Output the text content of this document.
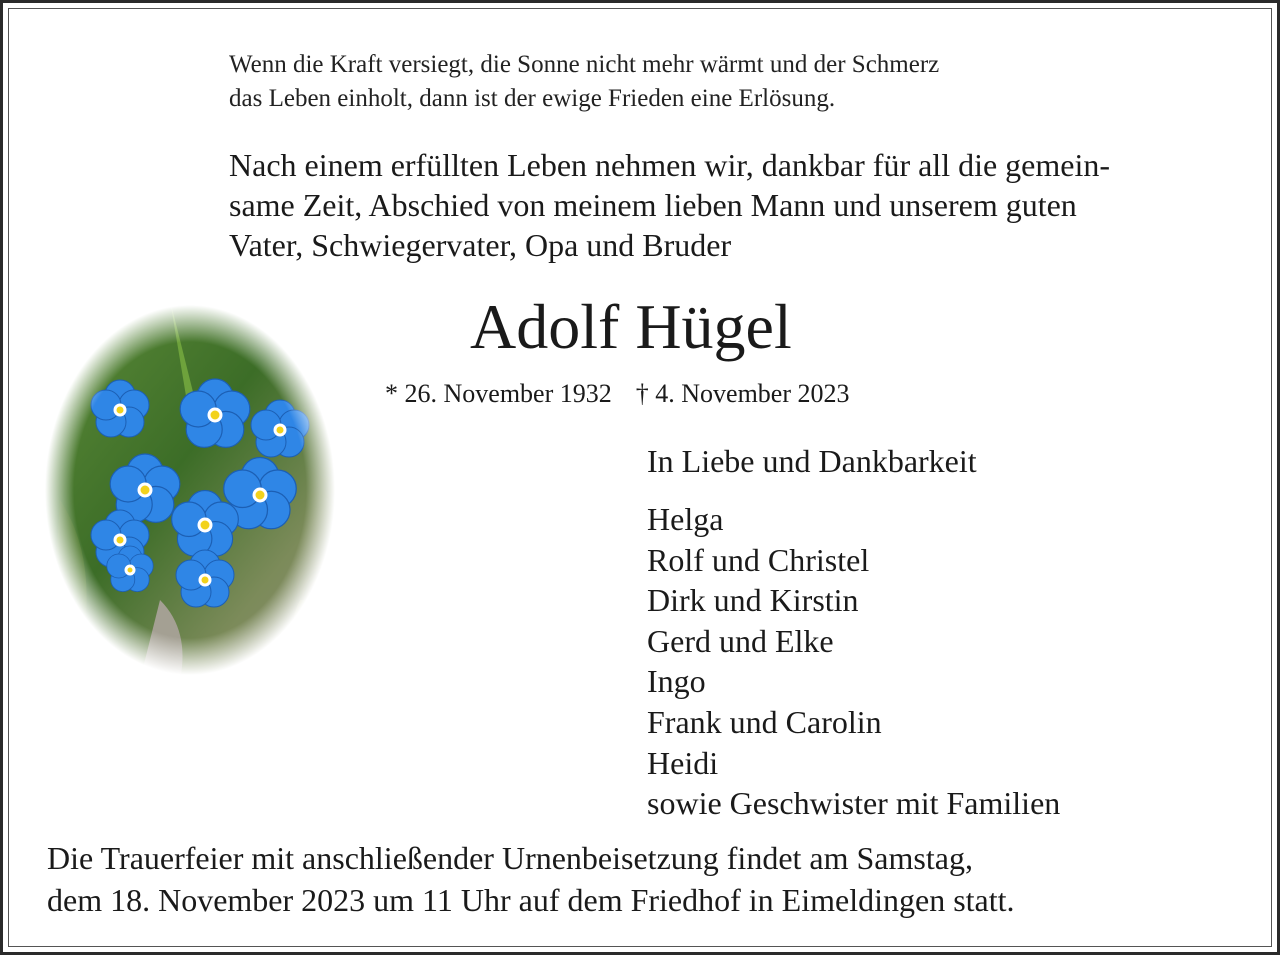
Wenn die Kraft versiegt, die Sonne nicht mehr wärmt und der Schmerz
das Leben einholt, dann ist der ewige Frieden eine Erlösung.
Nach einem erfüllten Leben nehmen wir, dankbar für all die gemein-
same Zeit, Abschied von meinem lieben Mann und unserem guten
Vater, Schwiegervater, Opa und Bruder
Adolf Hügel
* 26. November 1932 † 4. November 2023
In Liebe und Dankbarkeit
Helga
Rolf und Christel
Dirk und Kirstin
Gerd und Elke
Ingo
Frank und Carolin
Heidi
sowie Geschwister mit Familien
Die Trauerfeier mit anschließender Urnenbeisetzung findet am Samstag,
dem 18. November 2023 um 11 Uhr auf dem Friedhof in Eimeldingen statt.
